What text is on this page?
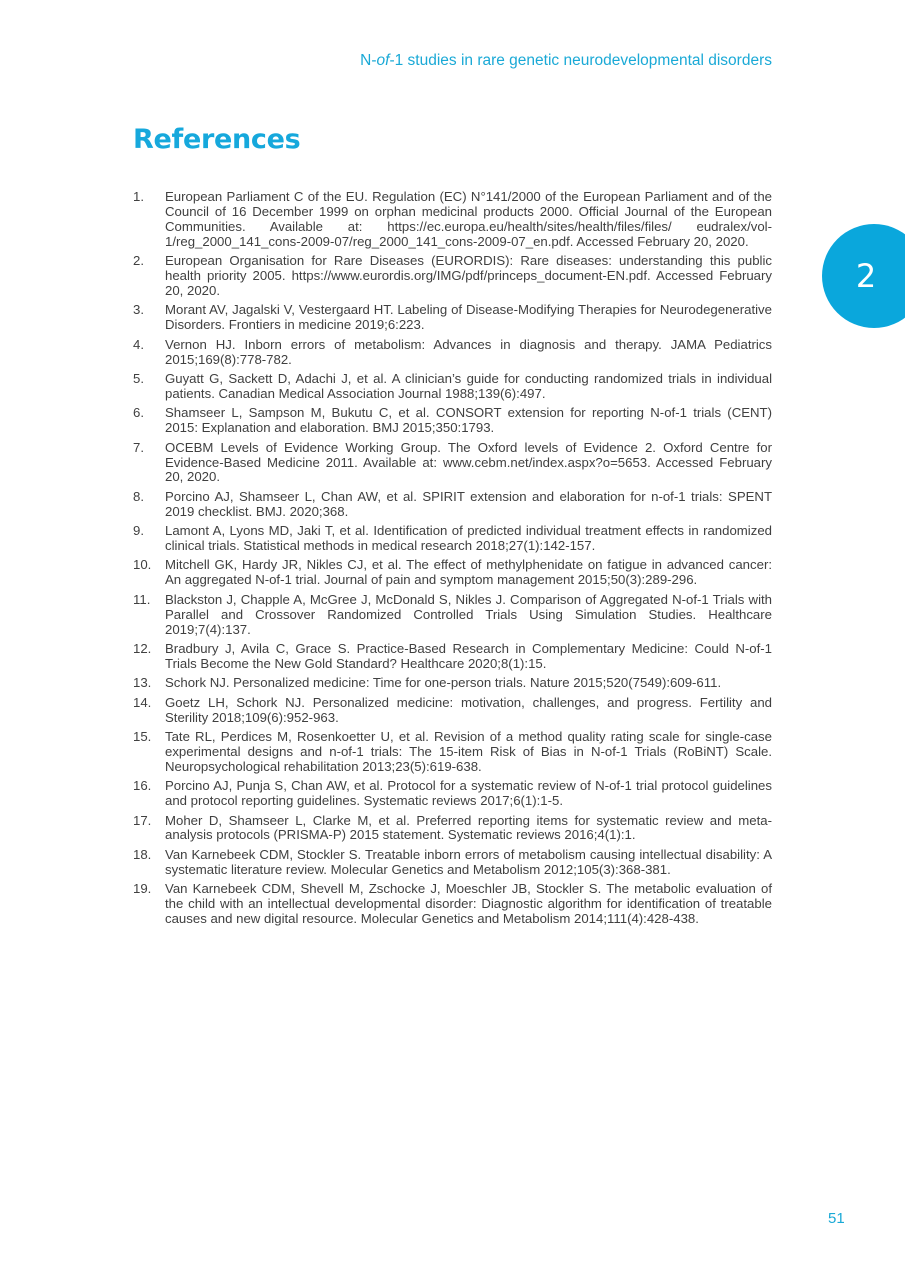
N-of-1 studies in rare genetic neurodevelopmental disorders
References
2
1. European Parliament C of the EU. Regulation (EC) N°141/2000 of the European Parliament and of the Council of 16 December 1999 on orphan medicinal products 2000. Official Journal of the European Communities. Available at: https://ec.europa.eu/health/sites/health/files/files/ eudralex/vol-1/reg_2000_141_cons-2009-07/reg_2000_141_cons-2009-07_en.pdf. Accessed February 20, 2020.
2. European Organisation for Rare Diseases (EURORDIS): Rare diseases: understanding this public health priority 2005. https://www.eurordis.org/IMG/pdf/princeps_document-EN.pdf. Accessed February 20, 2020.
3. Morant AV, Jagalski V, Vestergaard HT. Labeling of Disease-Modifying Therapies for Neurodegenerative Disorders. Frontiers in medicine 2019;6:223.
4. Vernon HJ. Inborn errors of metabolism: Advances in diagnosis and therapy. JAMA Pediatrics 2015;169(8):778-782.
5. Guyatt G, Sackett D, Adachi J, et al. A clinician’s guide for conducting randomized trials in individual patients. Canadian Medical Association Journal 1988;139(6):497.
6. Shamseer L, Sampson M, Bukutu C, et al. CONSORT extension for reporting N-of-1 trials (CENT) 2015: Explanation and elaboration. BMJ 2015;350:1793.
7. OCEBM Levels of Evidence Working Group. The Oxford levels of Evidence 2. Oxford Centre for Evidence-Based Medicine 2011. Available at: www.cebm.net/index.aspx?o=5653. Accessed February 20, 2020.
8. Porcino AJ, Shamseer L, Chan AW, et al. SPIRIT extension and elaboration for n-of-1 trials: SPENT 2019 checklist. BMJ. 2020;368.
9. Lamont A, Lyons MD, Jaki T, et al. Identification of predicted individual treatment effects in randomized clinical trials. Statistical methods in medical research 2018;27(1):142-157.
10. Mitchell GK, Hardy JR, Nikles CJ, et al. The effect of methylphenidate on fatigue in advanced cancer: An aggregated N-of-1 trial. Journal of pain and symptom management 2015;50(3):289-296.
11. Blackston J, Chapple A, McGree J, McDonald S, Nikles J. Comparison of Aggregated N-of-1 Trials with Parallel and Crossover Randomized Controlled Trials Using Simulation Studies. Healthcare 2019;7(4):137.
12. Bradbury J, Avila C, Grace S. Practice-Based Research in Complementary Medicine: Could N-of-1 Trials Become the New Gold Standard? Healthcare 2020;8(1):15.
13. Schork NJ. Personalized medicine: Time for one-person trials. Nature 2015;520(7549):609-611.
14. Goetz LH, Schork NJ. Personalized medicine: motivation, challenges, and progress. Fertility and Sterility 2018;109(6):952-963.
15. Tate RL, Perdices M, Rosenkoetter U, et al. Revision of a method quality rating scale for single-case experimental designs and n-of-1 trials: The 15-item Risk of Bias in N-of-1 Trials (RoBiNT) Scale. Neuropsychological rehabilitation 2013;23(5):619-638.
16. Porcino AJ, Punja S, Chan AW, et al. Protocol for a systematic review of N-of-1 trial protocol guidelines and protocol reporting guidelines. Systematic reviews 2017;6(1):1-5.
17. Moher D, Shamseer L, Clarke M, et al. Preferred reporting items for systematic review and meta-analysis protocols (PRISMA-P) 2015 statement. Systematic reviews 2016;4(1):1.
18. Van Karnebeek CDM, Stockler S. Treatable inborn errors of metabolism causing intellectual disability: A systematic literature review. Molecular Genetics and Metabolism 2012;105(3):368-381.
19. Van Karnebeek CDM, Shevell M, Zschocke J, Moeschler JB, Stockler S. The metabolic evaluation of the child with an intellectual developmental disorder: Diagnostic algorithm for identification of treatable causes and new digital resource. Molecular Genetics and Metabolism 2014;111(4):428-438.
51
